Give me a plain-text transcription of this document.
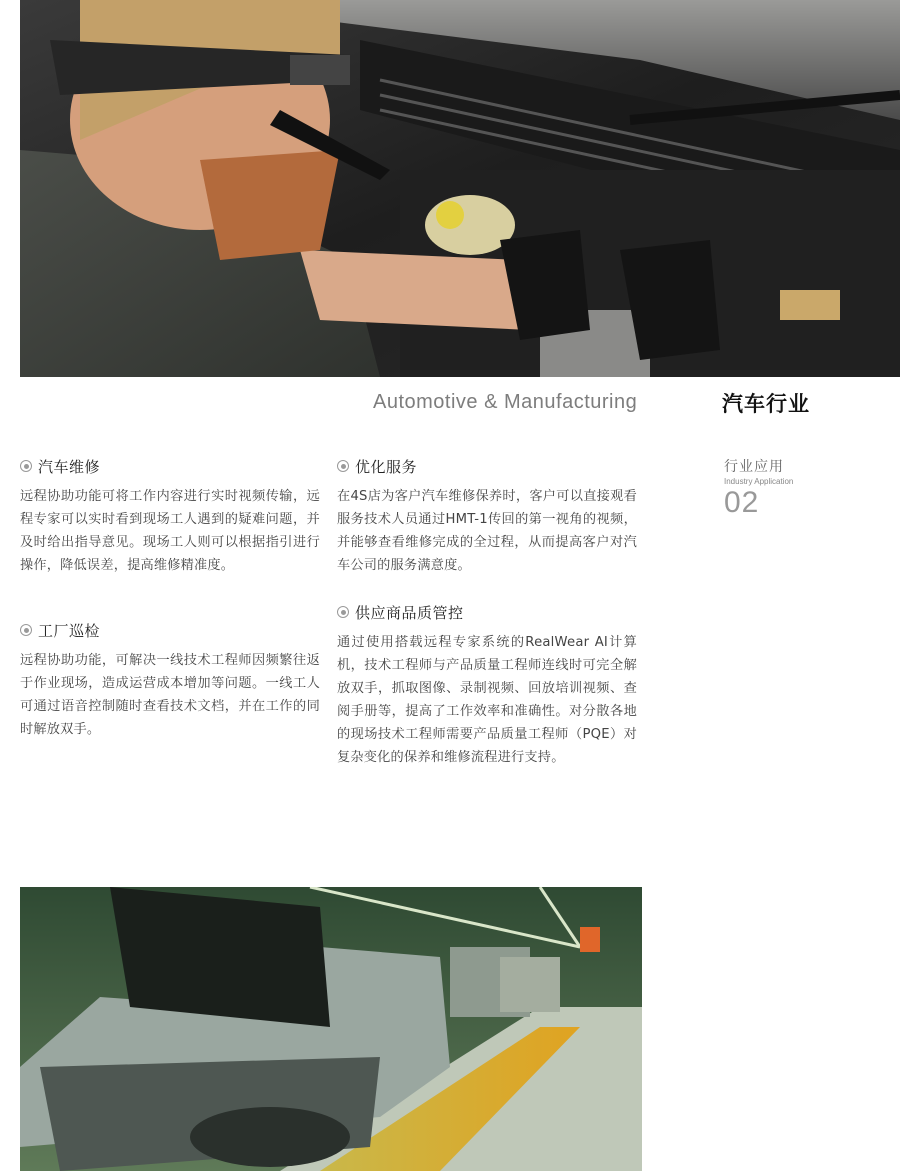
Automotive & Manufacturing	汽车行业
行业应用
Industry Application
02
汽车维修
远程协助功能可将工作内容进行实时视频传输，远程专家可以实时看到现场工人遇到的疑难问题，并及时给出指导意见。现场工人则可以根据指引进行操作，降低误差，提高维修精准度。
工厂巡检
远程协助功能，可解决一线技术工程师因频繁往返于作业现场，造成运营成本增加等问题。一线工人可通过语音控制随时查看技术文档，并在工作的同时解放双手。
优化服务
在4S店为客户汽车维修保养时，客户可以直接观看服务技术人员通过HMT-1传回的第一视角的视频，并能够查看维修完成的全过程，从而提高客户对汽车公司的服务满意度。
供应商品质管控
通过使用搭载远程专家系统的RealWear AI计算机，技术工程师与产品质量工程师连线时可完全解放双手，抓取图像、录制视频、回放培训视频、查阅手册等，提高了工作效率和准确性。对分散各地的现场技术工程师需要产品质量工程师（PQE）对复杂变化的保养和维修流程进行支持。
